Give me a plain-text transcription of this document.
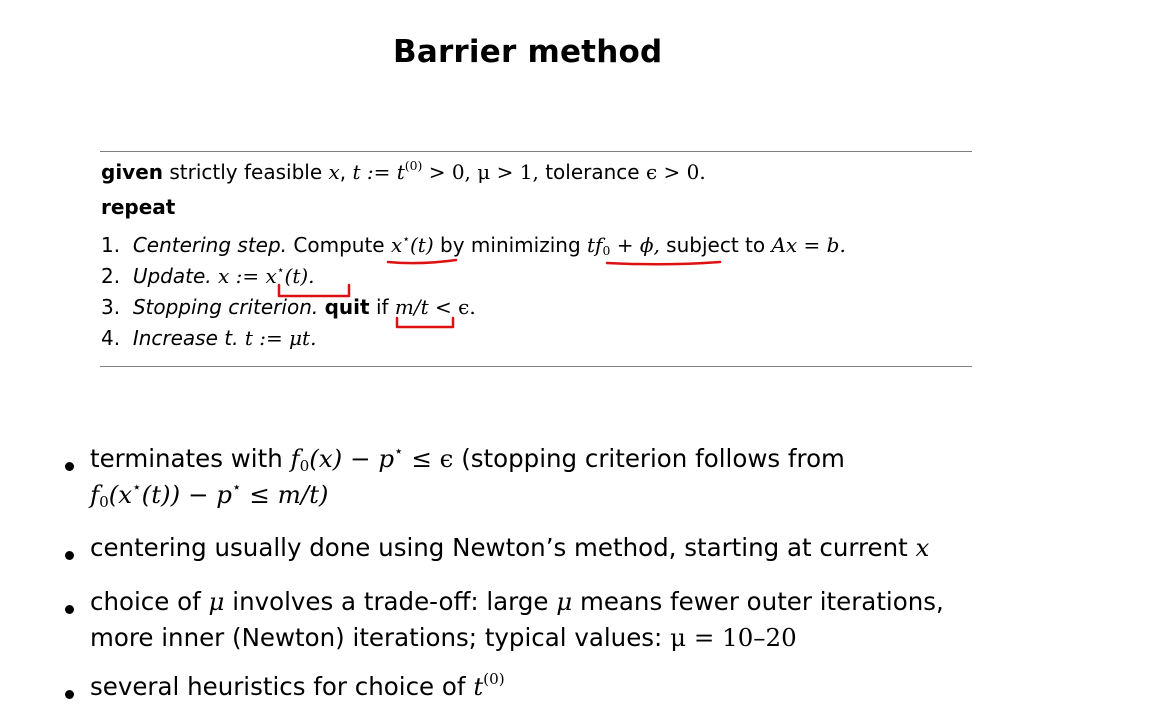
Barrier method
given strictly feasible x, t := $t^{(0)} > 0$, μ > 1, tolerance ϵ > 0.
repeat
1. Centering step. Compute x⋆(t) by minimizing $tf_0 + \phi$, subject to Ax = b.
2. Update. x := x⋆(t).
3. Stopping criterion. quit if m/t < ϵ.
4. Increase t. t := μt.
terminates with $f_0(x) - p^⋆ \le \epsilon$ (stopping criterion follows from
$f_0(x^⋆(t)) - p^⋆ \le m/t$)
centering usually done using Newton’s method, starting at current x
choice of μ involves a trade-off: large μ means fewer outer iterations,
more inner (Newton) iterations; typical values: μ = 10–20
several heuristics for choice of $t^{(0)}$
